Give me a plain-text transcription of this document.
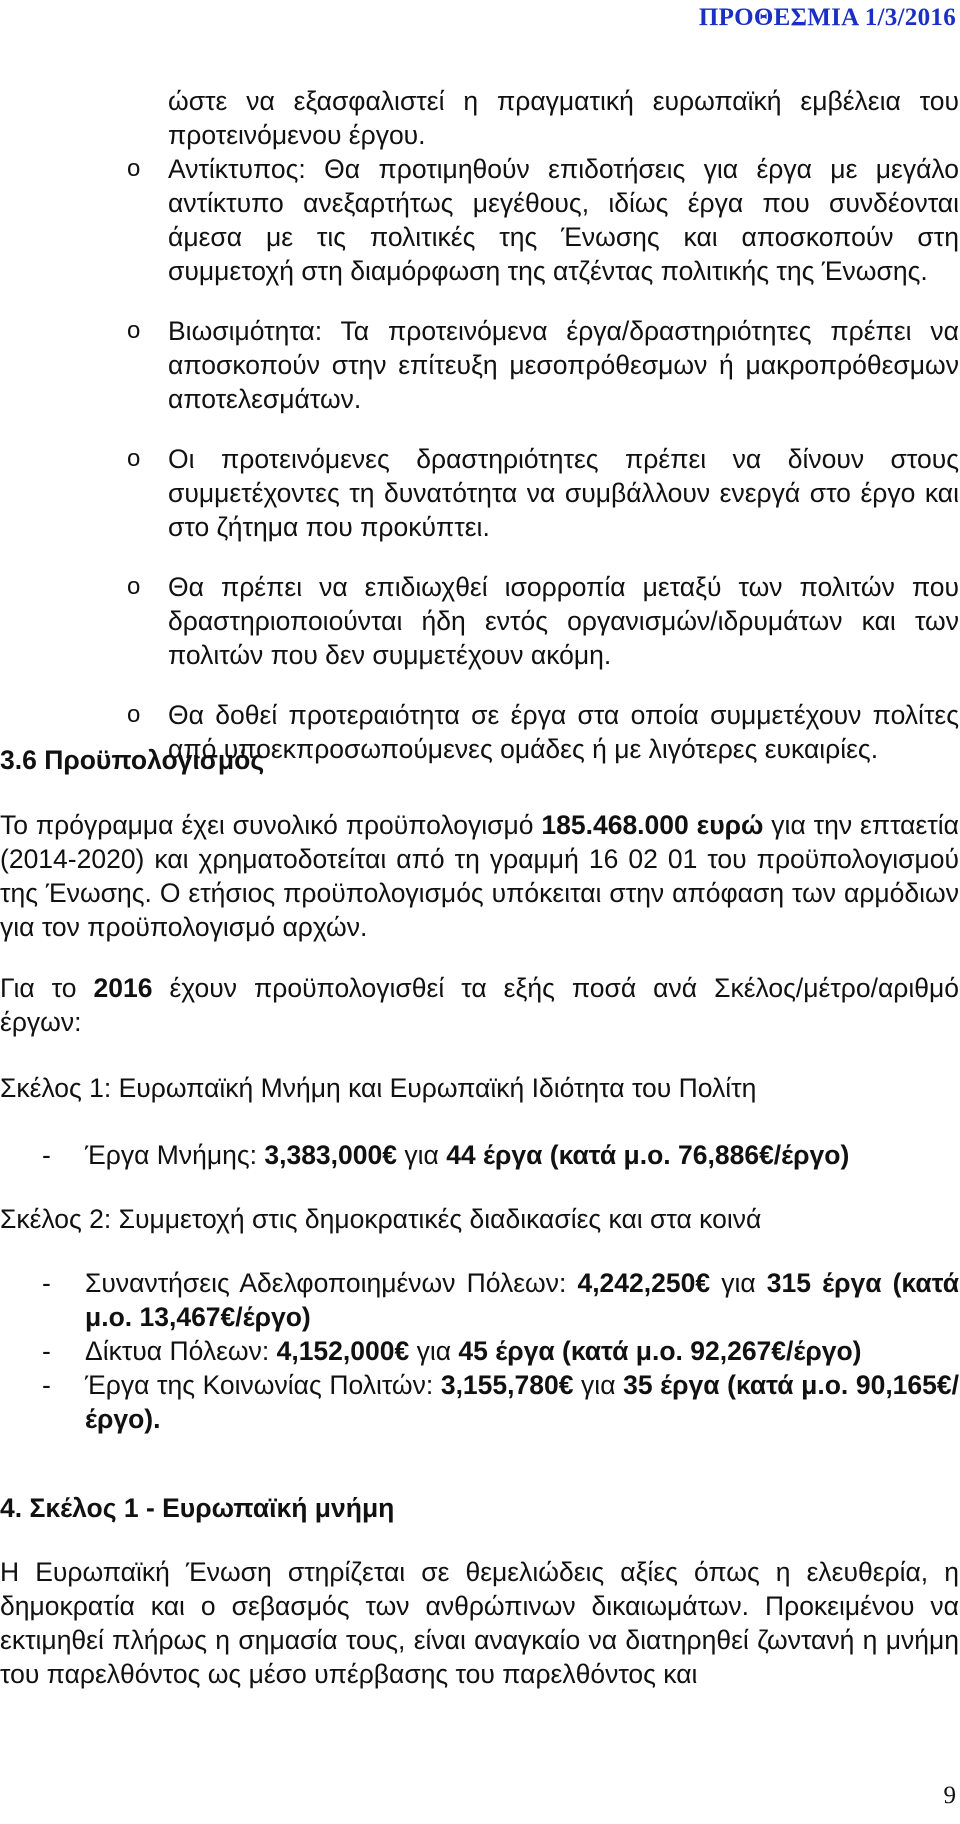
ΠΡΟΘΕΣΜΙΑ 1/3/2016

ώστε να εξασφαλιστεί η πραγματική ευρωπαϊκή εμβέλεια του προτεινόμενου έργου.

o Αντίκτυπος: Θα προτιμηθούν επιδοτήσεις για έργα με μεγάλο αντίκτυπο ανεξαρτήτως μεγέθους, ιδίως έργα που συνδέονται άμεσα με τις πολιτικές της Ένωσης και αποσκοπούν στη συμμετοχή στη διαμόρφωση της ατζέντας πολιτικής της Ένωσης.
o Βιωσιμότητα: Τα προτεινόμενα έργα/δραστηριότητες πρέπει να αποσκοπούν στην επίτευξη μεσοπρόθεσμων ή μακροπρόθεσμων αποτελεσμάτων.
o Οι προτεινόμενες δραστηριότητες πρέπει να δίνουν στους συμμετέχοντες τη δυνατότητα να συμβάλλουν ενεργά στο έργο και στο ζήτημα που προκύπτει.
o Θα πρέπει να επιδιωχθεί ισορροπία μεταξύ των πολιτών που δραστηριοποιούνται ήδη εντός οργανισμών/ιδρυμάτων και των πολιτών που δεν συμμετέχουν ακόμη.
o Θα δοθεί προτεραιότητα σε έργα στα οποία συμμετέχουν πολίτες από υποεκπροσωπούμενες ομάδες ή με λιγότερες ευκαιρίες.
3.6 Προϋπολογισμός

Το πρόγραμμα έχει συνολικό προϋπολογισμό 185.468.000 ευρώ για την επταετία (2014-2020) και χρηματοδοτείται από τη γραμμή 16 02 01 του προϋπολογισμού της Ένωσης. Ο ετήσιος προϋπολογισμός υπόκειται στην απόφαση των αρμόδιων για τον προϋπολογισμό αρχών.

Για το 2016 έχουν προϋπολογισθεί τα εξής ποσά ανά Σκέλος/μέτρο/αριθμό έργων:

Σκέλος 1: Ευρωπαϊκή Μνήμη και Ευρωπαϊκή Ιδιότητα του Πολίτη

- Έργα Μνήμης: 3,383,000€ για 44 έργα (κατά μ.ο. 76,886€/έργο)

Σκέλος 2: Συμμετοχή στις δημοκρατικές διαδικασίες και στα κοινά

- Συναντήσεις Αδελφοποιημένων Πόλεων: 4,242,250€ για 315 έργα (κατά μ.ο. 13,467€/έργο)
- Δίκτυα Πόλεων: 4,152,000€ για 45 έργα (κατά μ.ο. 92,267€/έργο)
- Έργα της Κοινωνίας Πολιτών: 3,155,780€ για 35 έργα (κατά μ.ο. 90,165€/έργο).
4. Σκέλος 1 - Ευρωπαϊκή μνήμη

Η Ευρωπαϊκή Ένωση στηρίζεται σε θεμελιώδεις αξίες όπως η ελευθερία, η δημοκρατία και ο σεβασμός των ανθρώπινων δικαιωμάτων. Προκειμένου να εκτιμηθεί πλήρως η σημασία τους, είναι αναγκαίο να διατηρηθεί ζωντανή η μνήμη του παρελθόντος ως μέσο υπέρβασης του παρελθόντος και

9
